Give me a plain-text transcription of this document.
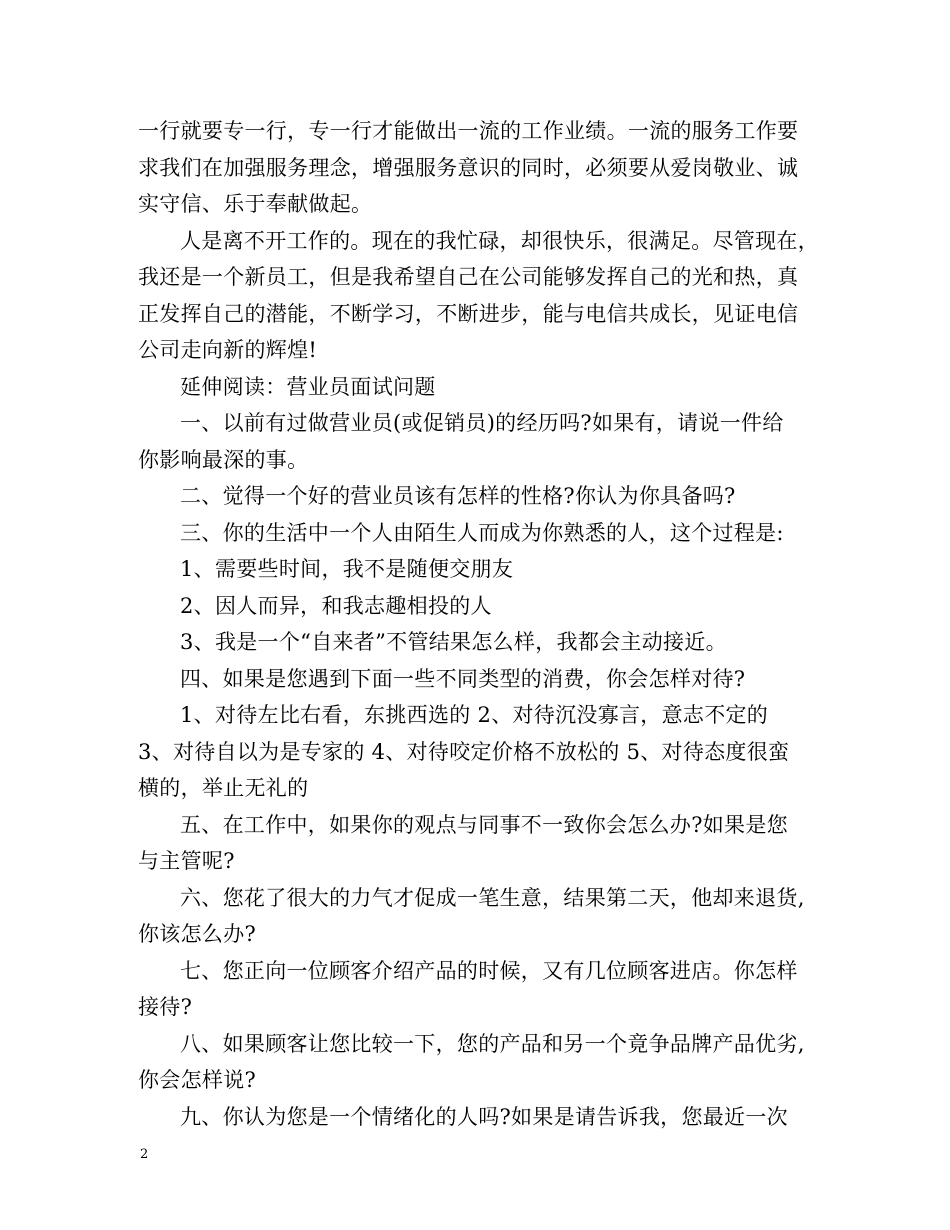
一行就要专一行，专一行才能做出一流的工作业绩。一流的服务工作要
求我们在加强服务理念，增强服务意识的同时，必须要从爱岗敬业、诚
实守信、乐于奉献做起。
人是离不开工作的。现在的我忙碌，却很快乐，很满足。尽管现在，
我还是一个新员工，但是我希望自己在公司能够发挥自己的光和热，真
正发挥自己的潜能，不断学习，不断进步，能与电信共成长，见证电信
公司走向新的辉煌!
延伸阅读：营业员面试问题
一、以前有过做营业员(或促销员)的经历吗?如果有，请说一件给
你影响最深的事。
二、觉得一个好的营业员该有怎样的性格?你认为你具备吗?
三、你的生活中一个人由陌生人而成为你熟悉的人，这个过程是:
1、需要些时间，我不是随便交朋友
2、因人而异，和我志趣相投的人
3、我是一个“自来者”不管结果怎么样，我都会主动接近。
四、如果是您遇到下面一些不同类型的消费，你会怎样对待?
1、对待左比右看，东挑西选的 2、对待沉没寡言，意志不定的
3、对待自以为是专家的 4、对待咬定价格不放松的 5、对待态度很蛮
横的，举止无礼的
五、在工作中，如果你的观点与同事不一致你会怎么办?如果是您
与主管呢?
六、您花了很大的力气才促成一笔生意，结果第二天，他却来退货,
你该怎么办?
七、您正向一位顾客介绍产品的时候，又有几位顾客进店。你怎样
接待?
八、如果顾客让您比较一下，您的产品和另一个竟争品牌产品优劣,
你会怎样说?
九、你认为您是一个情绪化的人吗?如果是请告诉我，您最近一次
2
